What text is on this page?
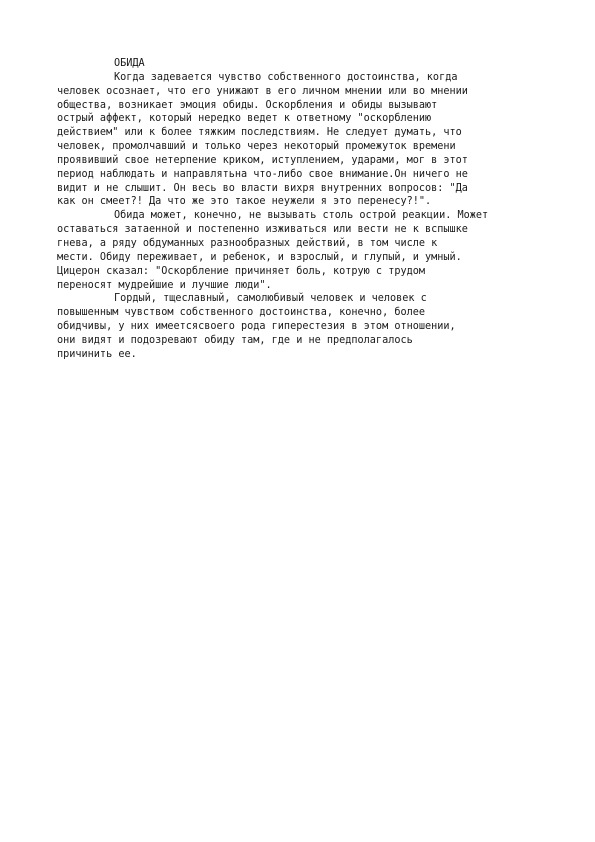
ОБИДА
Когда задевается чувство собственного достоинства, когда
человек осознает, что его унижают в его личном мнении или во мнении
общества, возникает эмоция обиды. Оскорбления и обиды вызывают
острый аффект, который нередко ведет к ответному "оскорблению
действием" или к более тяжким последствиям. Не следует думать, что
человек, промолчавший и только через некоторый промежуток времени
проявивший свое нетерпение криком, иступлением, ударами, мог в этот
период наблюдать и направлятьна что-либо свое внимание.Он ничего не
видит и не слышит. Он весь во власти вихря внутренних вопросов: "Да
как он смеет?! Да что же это такое неужели я это перенесу?!".
Обида может, конечно, не вызывать столь острой реакции. Может
оставаться затаенной и постепенно изживаться или вести не к вспышке
гнева, а ряду обдуманных разнообразных действий, в том числе к
мести. Обиду переживает, и ребенок, и взрослый, и глупый, и умный.
Цицерон сказал: "Оскорбление причиняет боль, котрую с трудом
переносят мудрейшие и лучшие люди".
Гордый, тщеславный, самолюбивый человек и человек с
повышенным чувством собственного достоинства, конечно, более
обидчивы, у них имеетсясвоего рода гиперестезия в этом отношении,
они видят и подозревают обиду там, где и не предполагалось
причинить ее.
